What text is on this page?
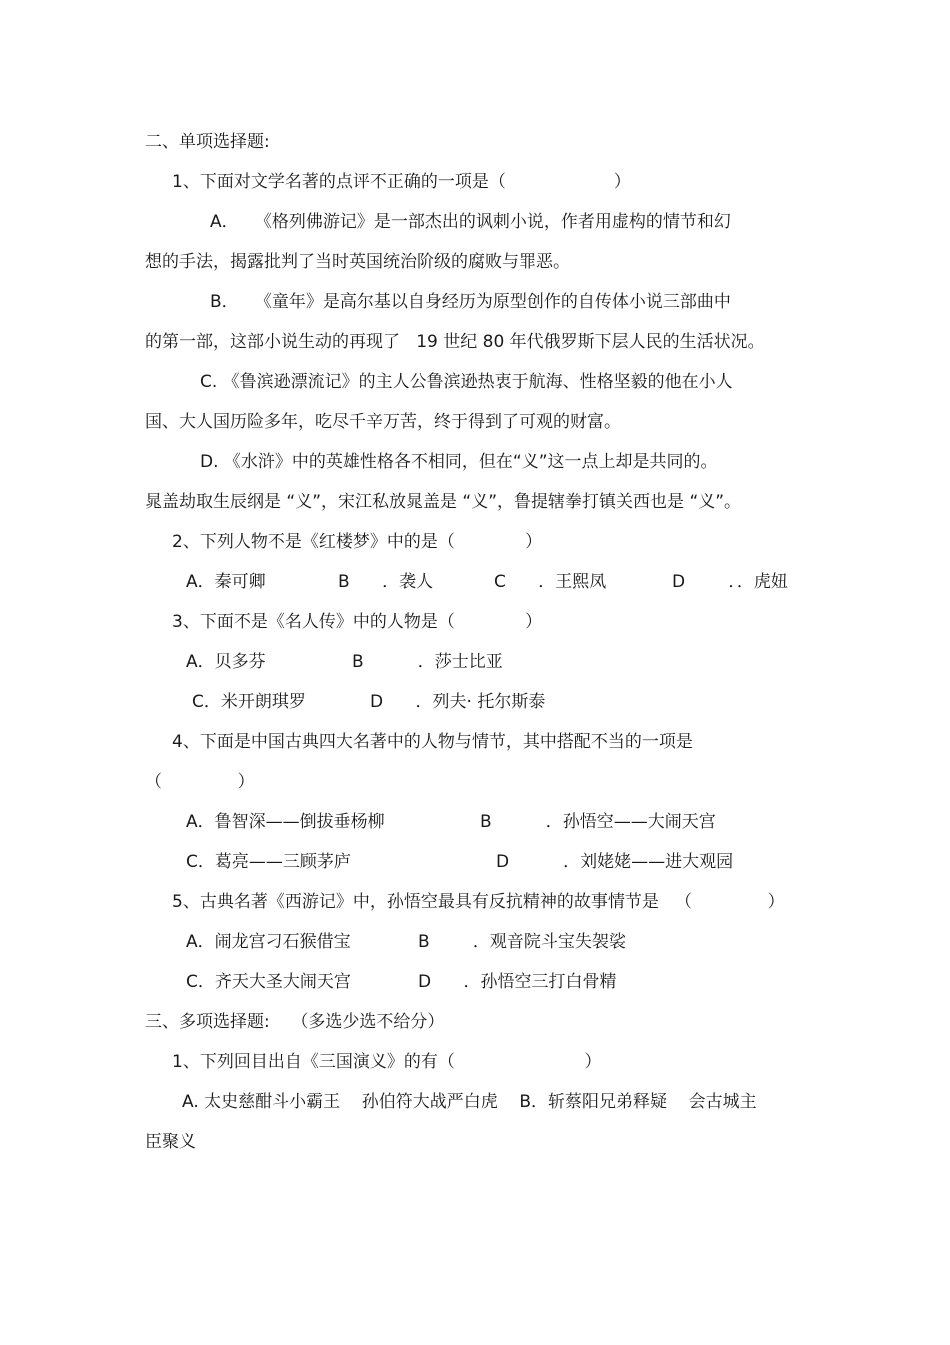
二、单项选择题:
1、下面对文学名著的点评不正确的一项是（                    ）
A．   《格列佛游记》是一部杰出的讽刺小说，作者用虚构的情节和幻
想的手法，揭露批判了当时英国统治阶级的腐败与罪恶。
B．   《童年》是高尔基以自身经历为原型创作的自传体小说三部曲中
的第一部，这部小说生动的再现了   19 世纪 80 年代俄罗斯下层人民的生活状况。
C. 《鲁滨逊漂流记》的主人公鲁滨逊热衷于航海、性格坚毅的他在小人
国、大人国历险多年，吃尽千辛万苦，终于得到了可观的财富。
D. 《水浒》中的英雄性格各不相同，但在“义”这一点上却是共同的。
晁盖劫取生辰纲是 “义”，宋江私放晁盖是 “义”，鲁提辖拳打镇关西也是 “义”。
2、下列人物不是《红楼梦》中的是（             ）
A．秦可卿	B      ．袭人	C      ．王熙凤	D        ．．虎妞
3、下面不是《名人传》中的人物是（             ）
A．贝多芬	B          ．莎士比亚
C．米开朗琪罗	D      ．列夫· 托尔斯泰
4、下面是中国古典四大名著中的人物与情节，其中搭配不当的一项是
（              ）
A．鲁智深——倒拔垂杨柳	B          ．孙悟空——大闹天宫
C．葛亮——三顾茅庐	D          ．刘姥姥——进大观园
5、古典名著《西游记》中，孙悟空最具有反抗精神的故事情节是   （              ）
A．闹龙宫刁石猴借宝	B        ．观音院斗宝失袈裟
C．齐天大圣大闹天宫	D      ．孙悟空三打白骨精
三、多项选择题:    （多选少选不给分）
1、下列回目出自《三国演义》的有（                        ）
A. 太史慈酣斗小霸王    孙伯符大战严白虎    B．斩蔡阳兄弟释疑    会古城主
臣聚义
